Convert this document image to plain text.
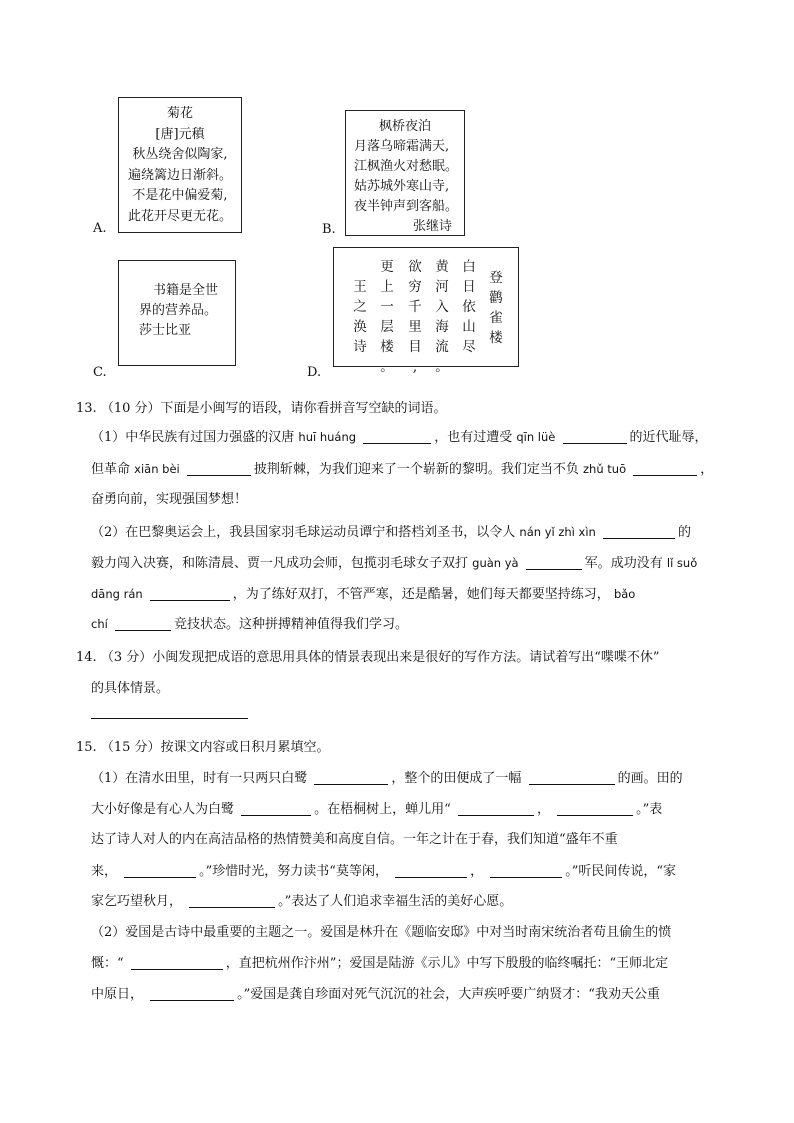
菊花
[唐]元稹
秋丛绕舍似陶家,
遍绕篱边日渐斜。
不是花中偏爱菊,
此花开尽更无花。
A.
枫桥夜泊
月落乌啼霜满天,
江枫渔火对愁眠。
姑苏城外寒山寺,
夜半钟声到客船。
张继诗
B.
书籍是全世
界的营养品。
莎士比亚
C.
登
鹳
雀
楼
白
日
依
山
尽
黄
河
入
海
流
。
欲
穷
千
里
目
,
更
上
一
层
楼
。
王
之
涣
诗
D.
13. （10 分）下面是小闽写的语段，请你看拼音写空缺的词语。
（1）中华民族有过国力强盛的汉唐 huī huáng	，也有过遭受 qīn lüè	的近代耻辱，
但革命 xiān bèi	披荆斩棘，为我们迎来了一个崭新的黎明。我们定当不负 zhǔ tuō	，
奋勇向前，实现强国梦想！
（2）在巴黎奥运会上，我县国家羽毛球运动员谭宁和搭档刘圣书，以令人 nán yǐ zhì xìn	的
毅力闯入决赛，和陈清晨、贾一凡成功会师，包揽羽毛球女子双打 guàn yà	军。成功没有 lǐ suǒ
dāng rán	，为了练好双打，不管严寒，还是酷暑，她们每天都要坚持练习， bǎo
chí	竞技状态。这种拼搏精神值得我们学习。
14. （3 分）小闽发现把成语的意思用具体的情景表现出来是很好的写作方法。请试着写出“喋喋不休”
的具体情景。
15. （15 分）按课文内容或日积月累填空。
（1）在清水田里，时有一只两只白鹭	，整个的田便成了一幅	的画。田的
大小好像是有心人为白鹭	。在梧桐树上，蝉儿用“	，	。”表
达了诗人对人的内在高洁品格的热情赞美和高度自信。一年之计在于春，我们知道“盛年不重
来，	。”珍惜时光，努力读书“莫等闲，	，	。”听民间传说，“家
家乞巧望秋月，	。”表达了人们追求幸福生活的美好心愿。
（2）爱国是古诗中最重要的主题之一。爱国是林升在《题临安邸》中对当时南宋统治者苟且偷生的愤
慨：“	，直把杭州作汴州”；爱国是陆游《示儿》中写下殷殷的临终嘱托：“王师北定
中原日，	。”爱国是龚自珍面对死气沉沉的社会，大声疾呼要广纳贤才：“我劝天公重
